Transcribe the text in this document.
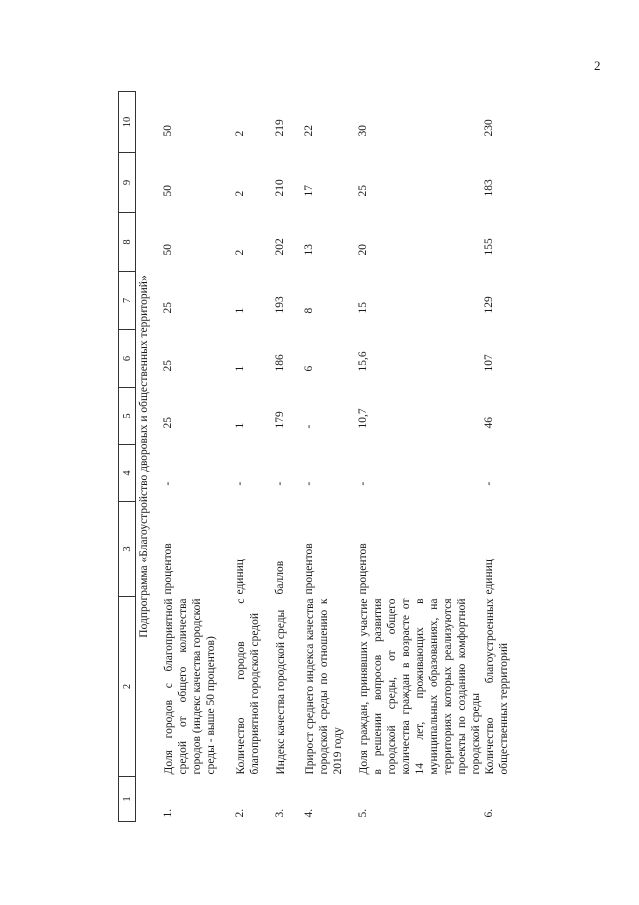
2
1	2	3	4	5	6	7	8	9	10
Подпрограмма «Благоустройство дворовых и общественных территорий»									
1.	Доля городов с благоприятной средой от общего количества городов (индекс качества городской среды - выше 50 процентов)	процентов	-	25	25	25	50	50	50
2.	Количество городов с благоприятной городской средой	единиц	-	1	1	1	2	2	2
3.	Индекс качества городской среды	баллов	-	179	186	193	202	210	219
4.	Прирост среднего индекса качества городской среды по отношению к 2019 году	процентов	-	-	6	8	13	17	22
5.	Доля граждан, принявших участие в решении вопросов развития городской среды, от общего количества граждан в возрасте от 14 лет, проживающих в муниципальных образованиях, на территориях которых реализуются проекты по созданию комфортной городской среды	процентов	-	10,7	15,6	15	20	25	30
6.	Количество благоустроенных общественных территорий	единиц	-	46	107	129	155	183	230
